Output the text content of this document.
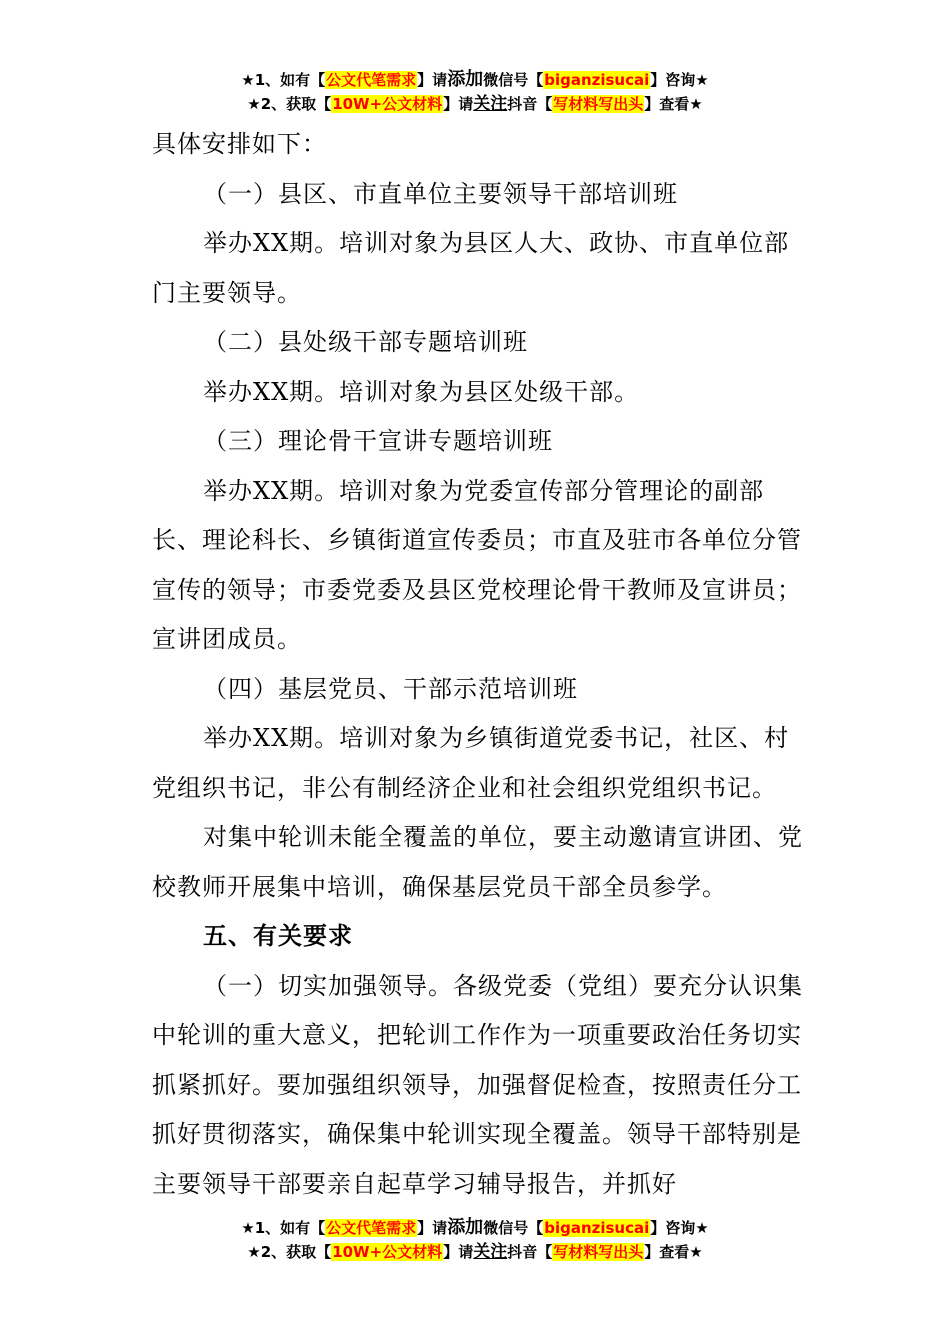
★1、如有【公文代笔需求】请添加微信号【biganzisucai】咨询★
★2、获取【10W+公文材料】请关注抖音【写材料写出头】查看★

具体安排如下：

（一）县区、市直单位主要领导干部培训班

举办XX期。培训对象为县区人大、政协、市直单位部门主要领导。

（二）县处级干部专题培训班

举办XX期。培训对象为县区处级干部。

（三）理论骨干宣讲专题培训班

举办XX期。培训对象为党委宣传部分管理论的副部长、理论科长、乡镇街道宣传委员；市直及驻市各单位分管宣传的领导；市委党委及县区党校理论骨干教师及宣讲员；宣讲团成员。

（四）基层党员、干部示范培训班

举办XX期。培训对象为乡镇街道党委书记，社区、村党组织书记，非公有制经济企业和社会组织党组织书记。

对集中轮训未能全覆盖的单位，要主动邀请宣讲团、党校教师开展集中培训，确保基层党员干部全员参学。

五、有关要求

（一）切实加强领导。各级党委（党组）要充分认识集中轮训的重大意义，把轮训工作作为一项重要政治任务切实抓紧抓好。要加强组织领导，加强督促检查，按照责任分工抓好贯彻落实，确保集中轮训实现全覆盖。领导干部特别是主要领导干部要亲自起草学习辅导报告，并抓好

★1、如有【公文代笔需求】请添加微信号【biganzisucai】咨询★
★2、获取【10W+公文材料】请关注抖音【写材料写出头】查看★
